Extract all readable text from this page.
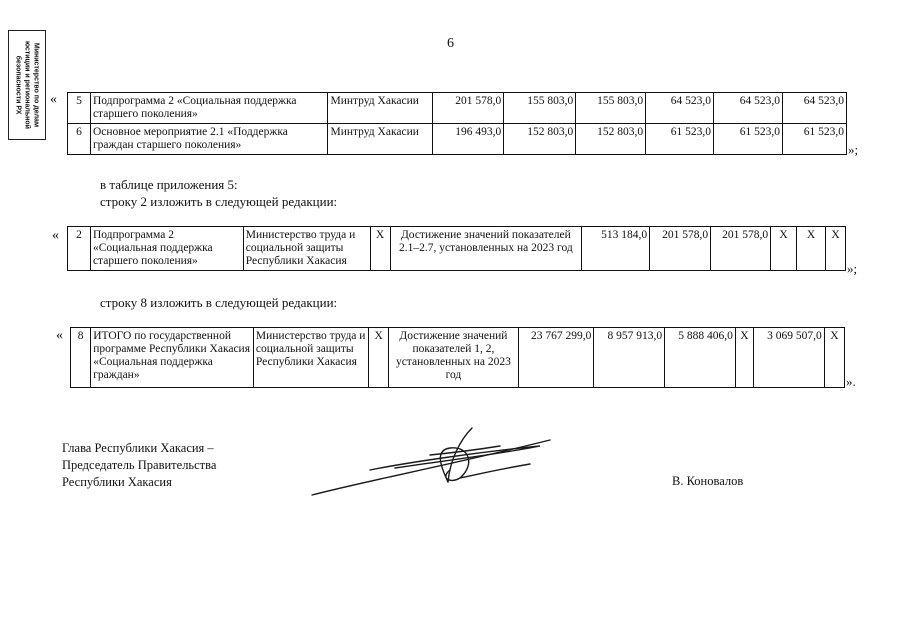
6
Министерство по делам
юстиции и региональной
безопасности РХ « 5	Подпрограмма 2 «Социальная поддержка старшего поколения»	Минтруд Хакасии	201 578,0	155 803,0	155 803,0	64 523,0	64 523,0	64 523,0
6	Основное мероприятие 2.1 «Поддержка граждан старшего поколения»	Минтруд Хакасии	196 493,0	152 803,0	152 803,0	61 523,0	61 523,0	61 523,0
»;
в таблице приложения 5:
строку 2 изложить в следующей редакции:
« 2	Подпрограмма 2 «Социальная поддержка старшего поколения»	Министерство труда и социальной защиты Республики Хакасия	X	Достижение значений показателей 2.1–2.7, установленных на 2023 год	513 184,0	201 578,0	201 578,0	X	X	X
»;
строку 8 изложить в следующей редакции:
« 8	ИТОГО по государственной программе Республики Хакасия «Социальная поддержка граждан»	Министерство труда и социальной защиты Республики Хакасия	X	Достижение значений показателей 1, 2, установленных на 2023 год	23 767 299,0	8 957 913,0	5 888 406,0	X	3 069 507,0	X
».
Глава Республики Хакасия –
Председатель Правительства
Республики Хакасия	В. Коновалов
